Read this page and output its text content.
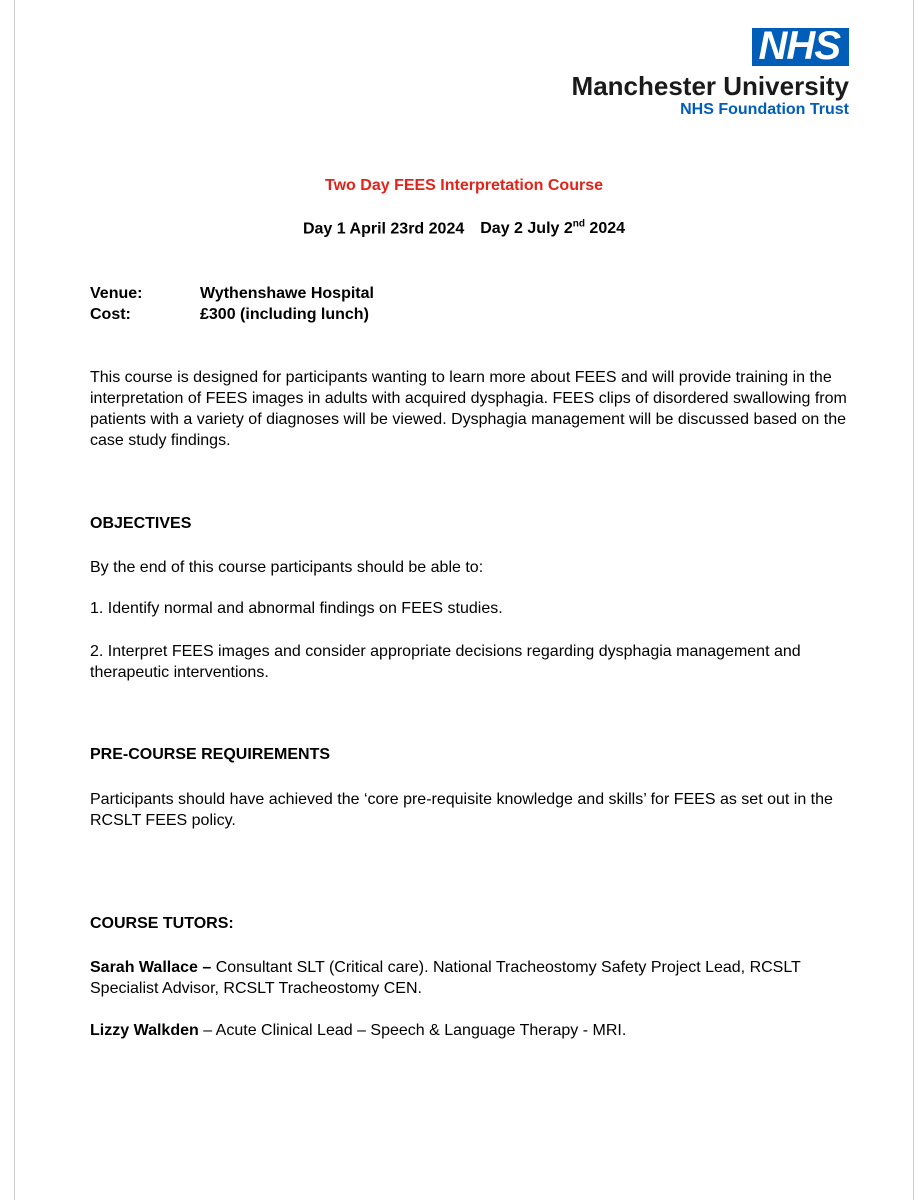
NHS
Manchester University
NHS Foundation Trust
Two Day FEES Interpretation Course
Day 1 April 23rd 2024 Day 2 July 2nd 2024
Venue:	Wythenshawe Hospital
Cost:	£300 (including lunch)
This course is designed for participants wanting to learn more about FEES and will provide training in the interpretation of FEES images in adults with acquired dysphagia. FEES clips of disordered swallowing from patients with a variety of diagnoses will be viewed. Dysphagia management will be discussed based on the case study findings.
OBJECTIVES
By the end of this course participants should be able to:
1. Identify normal and abnormal findings on FEES studies.
2. Interpret FEES images and consider appropriate decisions regarding dysphagia management and therapeutic interventions.
PRE-COURSE REQUIREMENTS
Participants should have achieved the ‘core pre-requisite knowledge and skills’ for FEES as set out in the RCSLT FEES policy.
COURSE TUTORS:
Sarah Wallace – Consultant SLT (Critical care). National Tracheostomy Safety Project Lead, RCSLT Specialist Advisor, RCSLT Tracheostomy CEN.
Lizzy Walkden – Acute Clinical Lead – Speech & Language Therapy - MRI.
